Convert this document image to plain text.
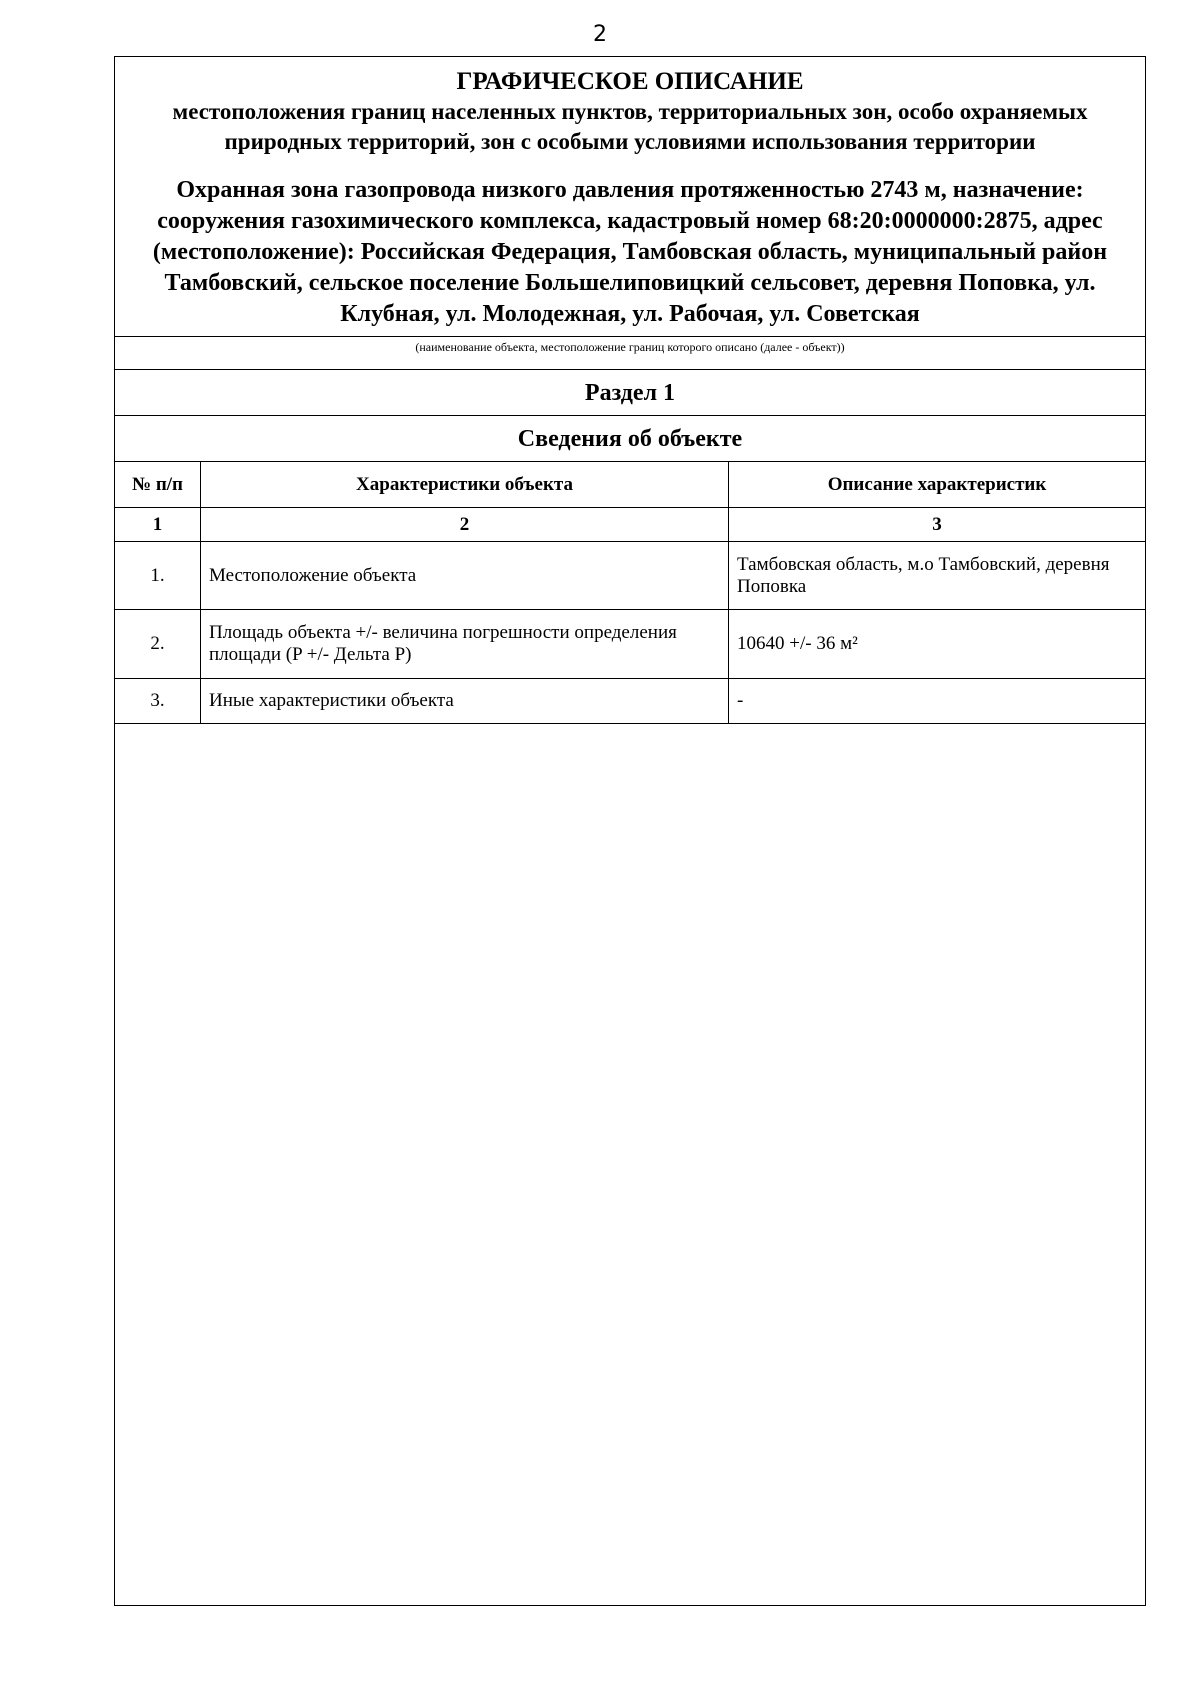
2
ГРАФИЧЕСКОЕ ОПИСАНИЕ
местоположения границ населенных пунктов, территориальных зон, особо охраняемых природных территорий, зон с особыми условиями использования территории
Охранная зона газопровода низкого давления протяженностью 2743 м, назначение: сооружения газохимического комплекса, кадастровый номер 68:20:0000000:2875, адрес (местоположение): Российская Федерация, Тамбовская область, муниципальный район Тамбовский, сельское поселение Большелиповицкий сельсовет, деревня Поповка, ул. Клубная, ул. Молодежная, ул. Рабочая, ул. Советская
(наименование объекта, местоположение границ которого описано (далее - объект))
Раздел 1
Сведения об объекте
№ п/п	Характеристики объекта	Описание характеристик
1	2	3
1.	Местоположение объекта	Тамбовская область, м.о Тамбовский, деревня Поповка
2.	Площадь объекта +/- величина погрешности определения площади (P +/- Дельта P)	10640 +/- 36 м²
3.	Иные характеристики объекта	-
